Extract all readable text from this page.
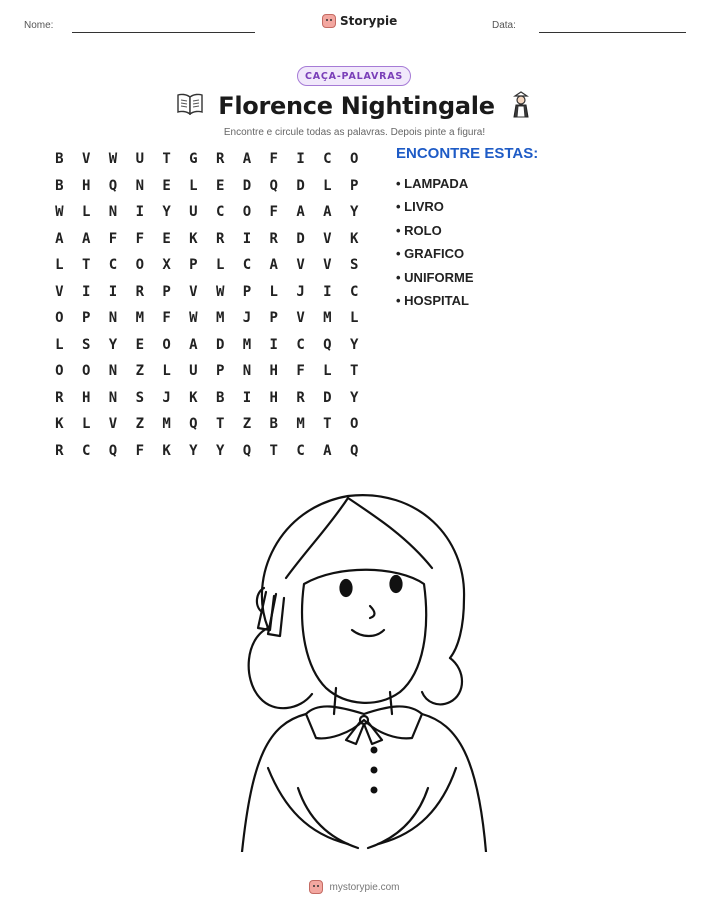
Nome:	Storypie	Data:
CAÇA-PALAVRAS
Florence Nightingale
Encontre e circule todas as palavras. Depois pinte a figura!
B	V	W	U	T	G	R	A	F	I	C	O
B	H	Q	N	E	L	E	D	Q	D	L	P
W	L	N	I	Y	U	C	O	F	A	A	Y
A	A	F	F	E	K	R	I	R	D	V	K
L	T	C	O	X	P	L	C	A	V	V	S
V	I	I	R	P	V	W	P	L	J	I	C
O	P	N	M	F	W	M	J	P	V	M	L
L	S	Y	E	O	A	D	M	I	C	Q	Y
O	O	N	Z	L	U	P	N	H	F	L	T
R	H	N	S	J	K	B	I	H	R	D	Y
K	L	V	Z	M	Q	T	Z	B	M	T	O
R	C	Q	F	K	Y	Y	Q	T	C	A	Q
ENCONTRE ESTAS:
• LAMPADA
• LIVRO
• ROLO
• GRAFICO
• UNIFORME
• HOSPITAL
mystorypie.com
